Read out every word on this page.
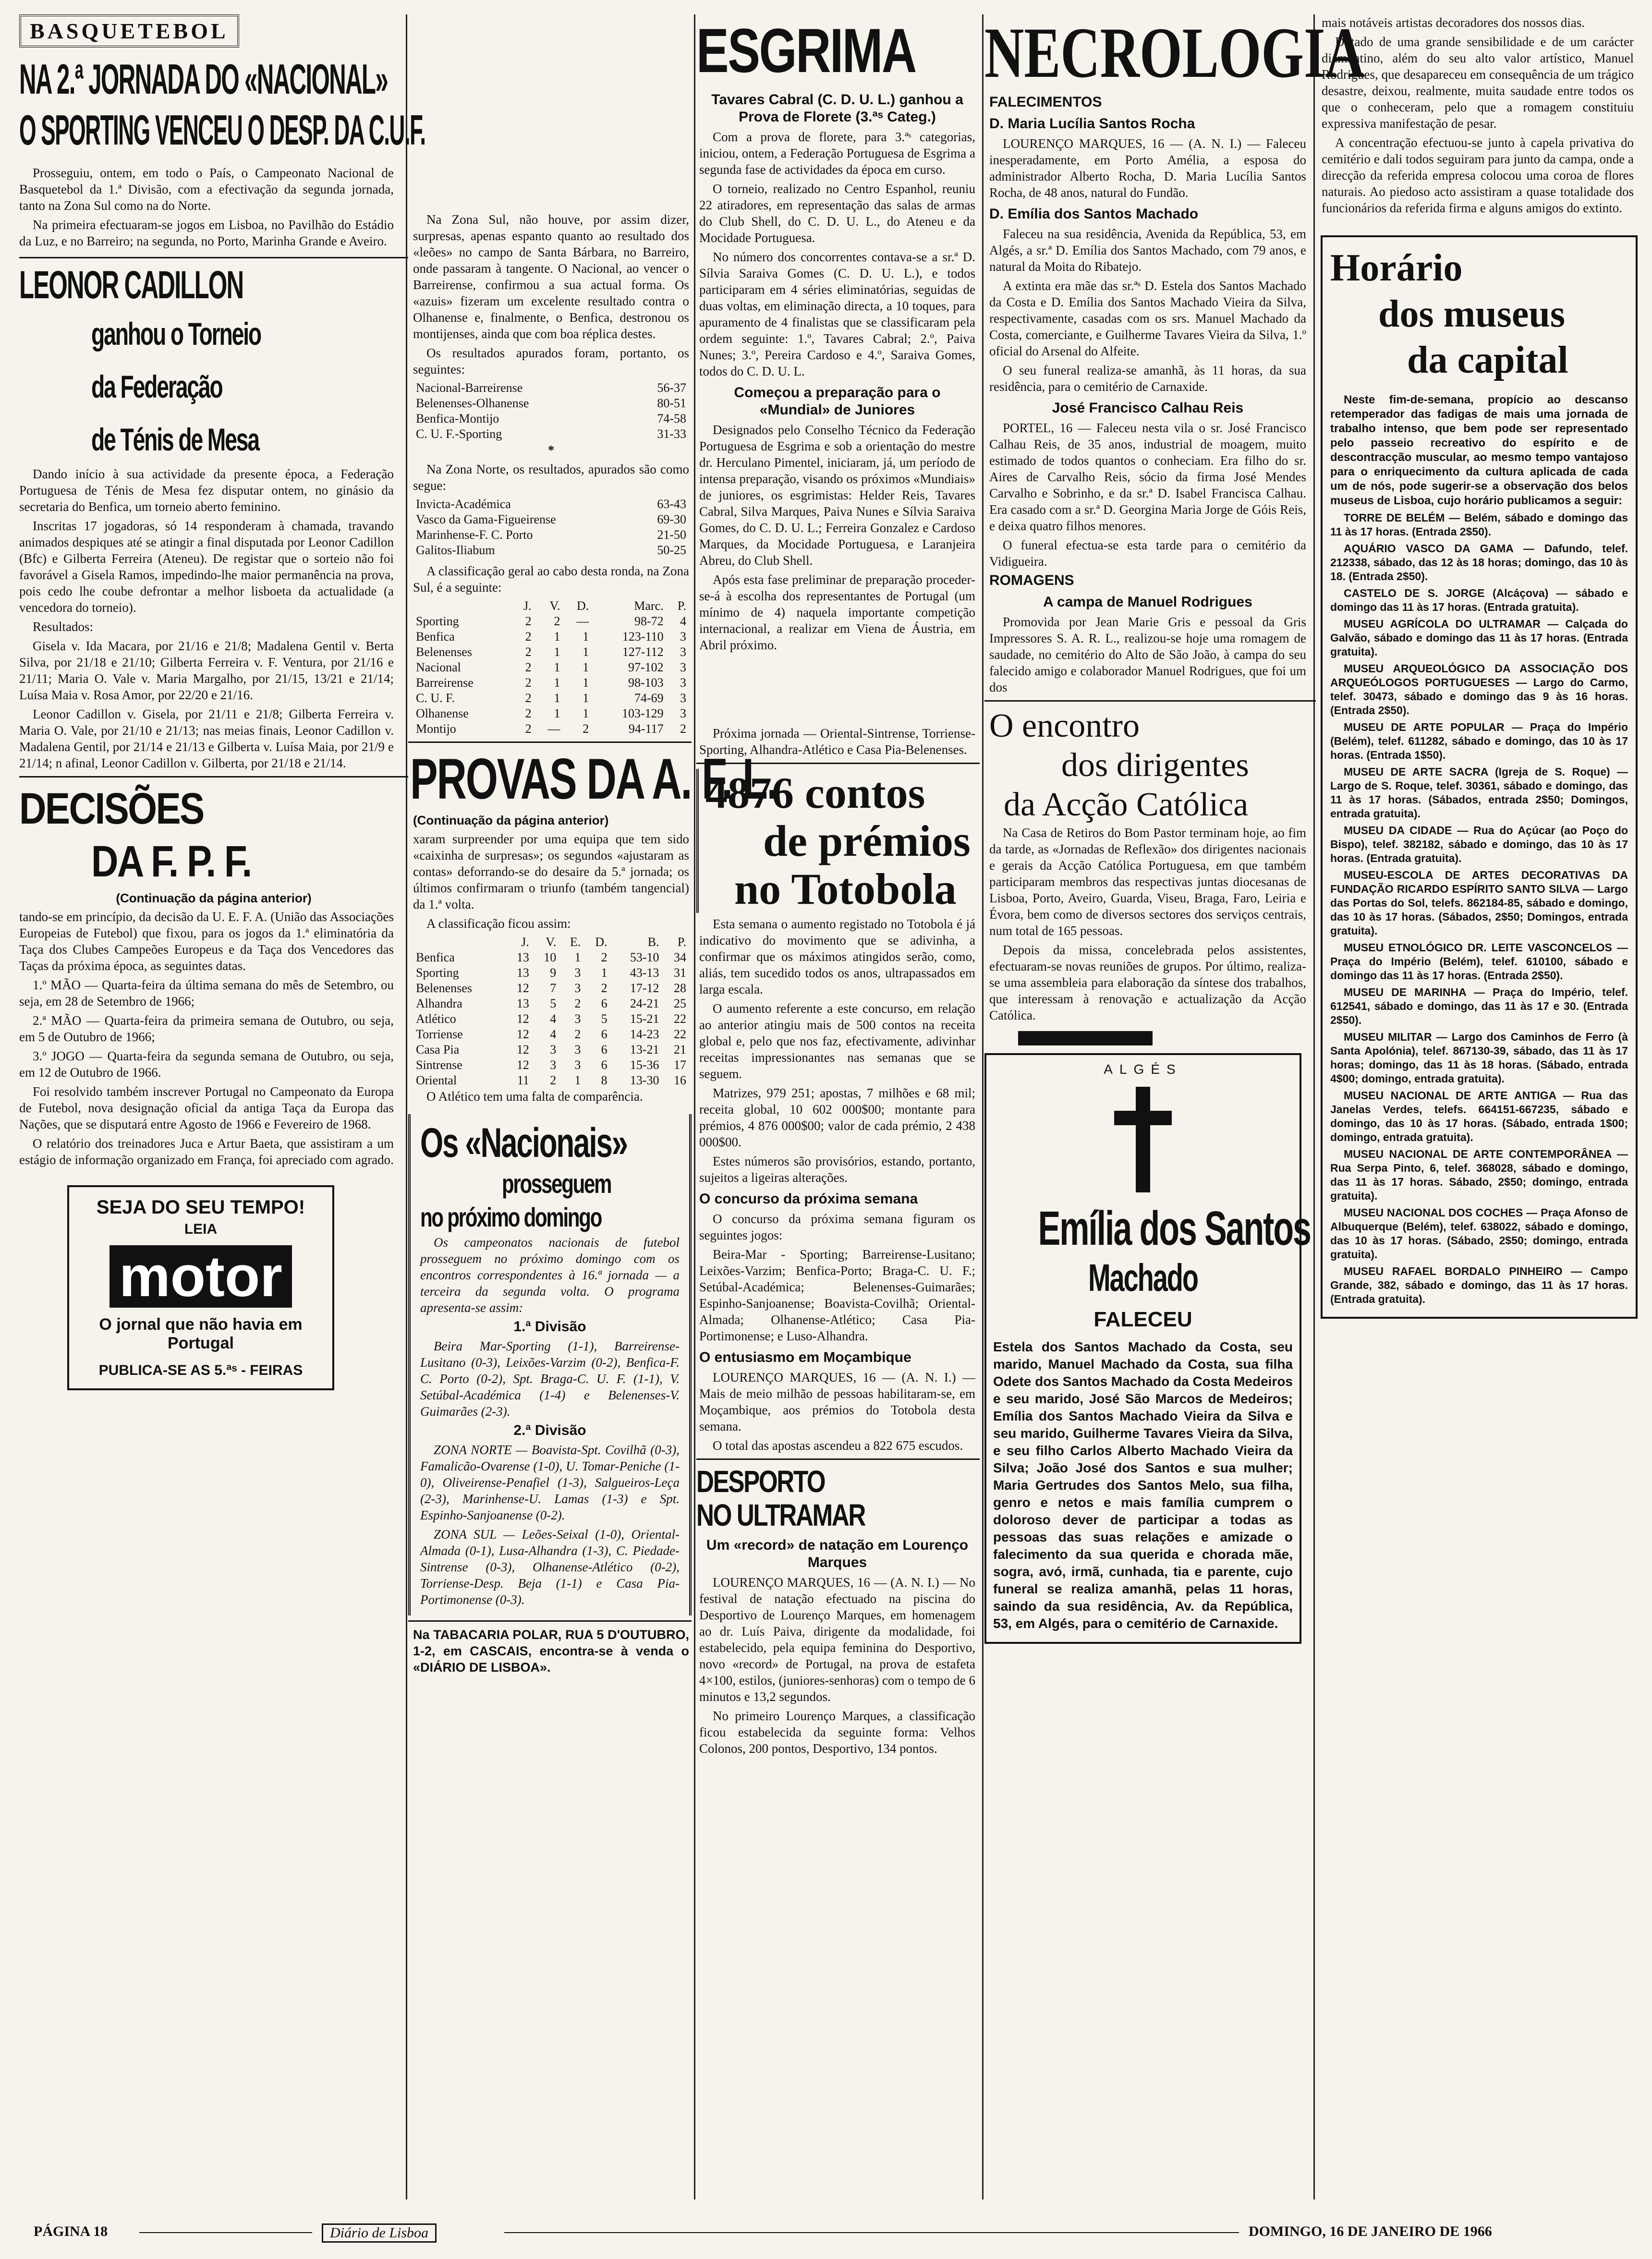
BASQUETEBOL
NA 2.ª JORNADA DO «NACIONAL»
O SPORTING VENCEU O DESP. DA C.U.F.

Prosseguiu, ontem, em todo o País, o Campeonato Nacional de Basquetebol da 1.ª Divisão, com a efectivação da segunda jornada, tanto na Zona Sul como na do Norte.

Na primeira efectuaram-se jogos em Lisboa, no Pavilhão do Estádio da Luz, e no Barreiro; na segunda, no Porto, Marinha Grande e Aveiro.

LEONOR CADILLON
ganhou o Torneio
da Federação
de Ténis de Mesa

Dando início à sua actividade da presente época, a Federação Portuguesa de Ténis de Mesa fez disputar ontem, no ginásio da secretaria do Benfica, um torneio aberto feminino.

Inscritas 17 jogadoras, só 14 responderam à chamada, travando animados despiques até se atingir a final disputada por Leonor Cadillon (Bfc) e Gilberta Ferreira (Ateneu). De registar que o sorteio não foi favorável a Gisela Ramos, impedindo-lhe maior permanência na prova, pois cedo lhe coube defrontar a melhor lisboeta da actualidade (a vencedora do torneio).

Resultados:

Gisela v. Ida Macara, por 21/16 e 21/8; Madalena Gentil v. Berta Silva, por 21/18 e 21/10; Gilberta Ferreira v. F. Ventura, por 21/16 e 21/11; Maria O. Vale v. Maria Margalho, por 21/15, 13/21 e 21/14; Luísa Maia v. Rosa Amor, por 22/20 e 21/16.

Leonor Cadillon v. Gisela, por 21/11 e 21/8; Gilberta Ferreira v. Maria O. Vale, por 21/10 e 21/13; nas meias finais, Leonor Cadillon v. Madalena Gentil, por 21/14 e 21/13 e Gilberta v. Luísa Maia, por 21/9 e 21/14; n afinal, Leonor Cadillon v. Gilberta, por 21/18 e 21/14.

DECISÕES
DA F. P. F.
(Continuação da página anterior)

tando-se em princípio, da decisão da U. E. F. A. (União das Associações Europeias de Futebol) que fixou, para os jogos da 1.ª eliminatória da Taça dos Clubes Campeões Europeus e da Taça dos Vencedores das Taças da próxima época, as seguintes datas.

1.º MÃO — Quarta-feira da última semana do mês de Setembro, ou seja, em 28 de Setembro de 1966;

2.ª MÃO — Quarta-feira da primeira semana de Outubro, ou seja, em 5 de Outubro de 1966;

3.º JOGO — Quarta-feira da segunda semana de Outubro, ou seja, em 12 de Outubro de 1966.

Foi resolvido também inscrever Portugal no Campeonato da Europa de Futebol, nova designação oficial da antiga Taça da Europa das Nações, que se disputará entre Agosto de 1966 e Fevereiro de 1968.

O relatório dos treinadores Juca e Artur Baeta, que assistiram a um estágio de informação organizado em França, foi apreciado com agrado.

SEJA DO SEU TEMPO!
LEIA
motor
O jornal que não havia em Portugal
PUBLICA-SE AS 5.ªˢ - FEIRAS

Na Zona Sul, não houve, por assim dizer, surpresas, apenas espanto quanto ao resultado dos «leões» no campo de Santa Bárbara, no Barreiro, onde passaram à tangente. O Nacional, ao vencer o Barreirense, confirmou a sua actual forma. Os «azuis» fizeram um excelente resultado contra o Olhanense e, finalmente, o Benfica, destronou os montijenses, ainda que com boa réplica destes.

Os resultados apurados foram, portanto, os seguintes:

Nacional-Barreirense	56-37
Belenenses-Olhanense	80-51
Benfica-Montijo	74-58
C. U. F.-Sporting	31-33

*

Na Zona Norte, os resultados, apurados são como segue:

Invicta-Académica	63-43
Vasco da Gama-Figueirense	69-30
Marinhense-F. C. Porto	21-50
Galitos-Iliabum	50-25

A classificação geral ao cabo desta ronda, na Zona Sul, é a seguinte:

	J.	V.	D.	Marc.	P.
Sporting	2	2	—	98-72	4
Benfica	2	1	1	123-110	3
Belenenses	2	1	1	127-112	3
Nacional	2	1	1	97-102	3
Barreirense	2	1	1	98-103	3
C. U. F.	2	1	1	74-69	3
Olhanense	2	1	1	103-129	3
Montijo	2	—	2	94-117	2
PROVAS DA A. F. L.
(Continuação da página anterior)

xaram surpreender por uma equipa que tem sido «caixinha de surpresas»; os segundos «ajustaram as contas» deforrando-se do desaire da 5.ª jornada; os últimos confirmaram o triunfo (também tangencial) da 1.ª volta.

A classificação ficou assim:

	J.	V.	E.	D.	B.	P.
Benfica	13	10	1	2	53-10	34
Sporting	13	9	3	1	43-13	31
Belenenses	12	7	3	2	17-12	28
Alhandra	13	5	2	6	24-21	25
Atlético	12	4	3	5	15-21	22
Torriense	12	4	2	6	14-23	22
Casa Pia	12	3	3	6	13-21	21
Sintrense	12	3	3	6	15-36	17
Oriental	11	2	1	8	13-30	16

O Atlético tem uma falta de comparência.

Os «Nacionais»
prosseguem
no próximo domingo

Os campeonatos nacionais de futebol prosseguem no próximo domingo com os encontros correspondentes à 16.ª jornada — a terceira da segunda volta. O programa apresenta-se assim:

1.ª Divisão

Beira Mar-Sporting (1-1), Barreirense-Lusitano (0-3), Leixões-Varzim (0-2), Benfica-F. C. Porto (0-2), Spt. Braga-C. U. F. (1-1), V. Setúbal-Académica (1-4) e Belenenses-V. Guimarães (2-3).

2.ª Divisão

ZONA NORTE — Boavista-Spt. Covilhã (0-3), Famalicão-Ovarense (1-0), U. Tomar-Peniche (1-0), Oliveirense-Penafiel (1-3), Salgueiros-Leça (2-3), Marinhense-U. Lamas (1-3) e Spt. Espinho-Sanjoanense (0-2).

ZONA SUL — Leões-Seixal (1-0), Oriental-Almada (0-1), Lusa-Alhandra (1-3), C. Piedade-Sintrense (0-3), Olhanense-Atlético (0-2), Torriense-Desp. Beja (1-1) e Casa Pia-Portimonense (0-3).

Na TABACARIA POLAR, RUA 5 D'OUTUBRO, 1-2, em CASCAIS, encontra-se à venda o «DIÁRIO DE LISBOA».

ESGRIMA
Tavares Cabral (C. D. U. L.) ganhou a Prova de Florete (3.ªˢ Categ.)

Com a prova de florete, para 3.ªˢ categorias, iniciou, ontem, a Federação Portuguesa de Esgrima a segunda fase de actividades da época em curso.

O torneio, realizado no Centro Espanhol, reuniu 22 atiradores, em representação das salas de armas do Club Shell, do C. D. U. L., do Ateneu e da Mocidade Portuguesa.

No número dos concorrentes contava-se a sr.ª D. Sílvia Saraiva Gomes (C. D. U. L.), e todos participaram em 4 séries eliminatórias, seguidas de duas voltas, em eliminação directa, a 10 toques, para apuramento de 4 finalistas que se classificaram pela ordem seguinte: 1.º, Tavares Cabral; 2.º, Paiva Nunes; 3.º, Pereira Cardoso e 4.º, Saraiva Gomes, todos do C. D. U. L.

Começou a preparação para o «Mundial» de Juniores

Designados pelo Conselho Técnico da Federação Portuguesa de Esgrima e sob a orientação do mestre dr. Herculano Pimentel, iniciaram, já, um período de intensa preparação, visando os próximos «Mundiais» de juniores, os esgrimistas: Helder Reis, Tavares Cabral, Silva Marques, Paiva Nunes e Sílvia Saraiva Gomes, do C. D. U. L.; Ferreira Gonzalez e Cardoso Marques, da Mocidade Portuguesa, e Laranjeira Abreu, do Club Shell.

Após esta fase preliminar de preparação proceder-se-á à escolha dos representantes de Portugal (um mínimo de 4) naquela importante competição internacional, a realizar em Viena de Áustria, em Abril próximo.

Próxima jornada — Oriental-Sintrense, Torriense-Sporting, Alhandra-Atlético e Casa Pia-Belenenses.

4876 contos
de prémios
no Totobola

Esta semana o aumento registado no Totobola é já indicativo do movimento que se adivinha, a confirmar que os máximos atingidos serão, como, aliás, tem sucedido todos os anos, ultrapassados em larga escala.

O aumento referente a este concurso, em relação ao anterior atingiu mais de 500 contos na receita global e, pelo que nos faz, efectivamente, adivinhar receitas impressionantes nas semanas que se seguem.

Matrizes, 979 251; apostas, 7 milhões e 68 mil; receita global, 10 602 000$00; montante para prémios, 4 876 000$00; valor de cada prémio, 2 438 000$00.

Estes números são provisórios, estando, portanto, sujeitos a ligeiras alterações.

O concurso da próxima semana

O concurso da próxima semana figuram os seguintes jogos:

Beira-Mar - Sporting; Barreirense-Lusitano; Leixões-Varzim; Benfica-Porto; Braga-C. U. F.; Setúbal-Académica; Belenenses-Guimarães; Espinho-Sanjoanense; Boavista-Covilhã; Oriental-Almada; Olhanense-Atlético; Casa Pia-Portimonense; e Luso-Alhandra.

O entusiasmo em Moçambique

LOURENÇO MARQUES, 16 — (A. N. I.) — Mais de meio milhão de pessoas habilitaram-se, em Moçambique, aos prémios do Totobola desta semana.

O total das apostas ascendeu a 822 675 escudos.

DESPORTO
NO ULTRAMAR
Um «record» de natação em Lourenço Marques

LOURENÇO MARQUES, 16 — (A. N. I.) — No festival de natação efectuado na piscina do Desportivo de Lourenço Marques, em homenagem ao dr. Luís Paiva, dirigente da modalidade, foi estabelecido, pela equipa feminina do Desportivo, novo «record» de Portugal, na prova de estafeta 4×100, estilos, (juniores-senhoras) com o tempo de 6 minutos e 13,2 segundos.

No primeiro Lourenço Marques, a classificação ficou estabelecida da seguinte forma: Velhos Colonos, 200 pontos, Desportivo, 134 pontos.

NECROLOGIA
FALECIMENTOS
D. Maria Lucília Santos Rocha

LOURENÇO MARQUES, 16 — (A. N. I.) — Faleceu inesperadamente, em Porto Amélia, a esposa do administrador Alberto Rocha, D. Maria Lucília Santos Rocha, de 48 anos, natural do Fundão.

D. Emília dos Santos Machado

Faleceu na sua residência, Avenida da República, 53, em Algés, a sr.ª D. Emília dos Santos Machado, com 79 anos, e natural da Moita do Ribatejo.

A extinta era mãe das sr.ªˢ D. Estela dos Santos Machado da Costa e D. Emília dos Santos Machado Vieira da Silva, respectivamente, casadas com os srs. Manuel Machado da Costa, comerciante, e Guilherme Tavares Vieira da Silva, 1.º oficial do Arsenal do Alfeite.

O seu funeral realiza-se amanhã, às 11 horas, da sua residência, para o cemitério de Carnaxide.

José Francisco Calhau Reis

PORTEL, 16 — Faleceu nesta vila o sr. José Francisco Calhau Reis, de 35 anos, industrial de moagem, muito estimado de todos quantos o conheciam. Era filho do sr. Aires de Carvalho Reis, sócio da firma José Mendes Carvalho e Sobrinho, e da sr.ª D. Isabel Francisca Calhau. Era casado com a sr.ª D. Georgina Maria Jorge de Góis Reis, e deixa quatro filhos menores.

O funeral efectua-se esta tarde para o cemitério da Vidigueira.

ROMAGENS
A campa de Manuel Rodrigues

Promovida por Jean Marie Gris e pessoal da Gris Impressores S. A. R. L., realizou-se hoje uma romagem de saudade, no cemitério do Alto de São João, à campa do seu falecido amigo e colaborador Manuel Rodrigues, que foi um dos

O encontro
dos dirigentes
da Acção Católica

Na Casa de Retiros do Bom Pastor terminam hoje, ao fim da tarde, as «Jornadas de Reflexão» dos dirigentes nacionais e gerais da Acção Católica Portuguesa, em que também participaram membros das respectivas juntas diocesanas de Lisboa, Porto, Aveiro, Guarda, Viseu, Braga, Faro, Leiria e Évora, bem como de diversos sectores dos serviços centrais, num total de 165 pessoas.

Depois da missa, concelebrada pelos assistentes, efectuaram-se novas reuniões de grupos. Por último, realiza-se uma assembleia para elaboração da síntese dos trabalhos, que interessam à renovação e actualização da Acção Católica.

ALGÉS
Emília dos Santos
Machado
FALECEU

Estela dos Santos Machado da Costa, seu marido, Manuel Machado da Costa, sua filha Odete dos Santos Machado da Costa Medeiros e seu marido, José São Marcos de Medeiros; Emília dos Santos Machado Vieira da Silva e seu marido, Guilherme Tavares Vieira da Silva, e seu filho Carlos Alberto Machado Vieira da Silva; João José dos Santos e sua mulher; Maria Gertrudes dos Santos Melo, sua filha, genro e netos e mais família cumprem o doloroso dever de participar a todas as pessoas das suas relações e amizade o falecimento da sua querida e chorada mãe, sogra, avó, irmã, cunhada, tia e parente, cujo funeral se realiza amanhã, pelas 11 horas, saindo da sua residência, Av. da República, 53, em Algés, para o cemitério de Carnaxide.

mais notáveis artistas decoradores dos nossos dias.

Dotado de uma grande sensibilidade e de um carácter diamantino, além do seu alto valor artístico, Manuel Rodrigues, que desapareceu em consequência de um trágico desastre, deixou, realmente, muita saudade entre todos os que o conheceram, pelo que a romagem constituiu expressiva manifestação de pesar.

A concentração efectuou-se junto à capela privativa do cemitério e dali todos seguiram para junto da campa, onde a direcção da referida empresa colocou uma coroa de flores naturais. Ao piedoso acto assistiram a quase totalidade dos funcionários da referida firma e alguns amigos do extinto.

Horário
dos museus
da capital

Neste fim-de-semana, propício ao descanso retemperador das fadigas de mais uma jornada de trabalho intenso, que bem pode ser representado pelo passeio recreativo do espírito e de descontracção muscular, ao mesmo tempo vantajoso para o enriquecimento da cultura aplicada de cada um de nós, pode sugerir-se a observação dos belos museus de Lisboa, cujo horário publicamos a seguir:

TORRE DE BELÉM — Belém, sábado e domingo das 11 às 17 horas. (Entrada 2$50).

AQUÁRIO VASCO DA GAMA — Dafundo, telef. 212338, sábado, das 12 às 18 horas; domingo, das 10 às 18. (Entrada 2$50).

CASTELO DE S. JORGE (Alcáçova) — sábado e domingo das 11 às 17 horas. (Entrada gratuita).

MUSEU AGRÍCOLA DO ULTRAMAR — Calçada do Galvão, sábado e domingo das 11 às 17 horas. (Entrada gratuita).

MUSEU ARQUEOLÓGICO DA ASSOCIAÇÃO DOS ARQUEÓLOGOS PORTUGUESES — Largo do Carmo, telef. 30473, sábado e domingo das 9 às 16 horas. (Entrada 2$50).

MUSEU DE ARTE POPULAR — Praça do Império (Belém), telef. 611282, sábado e domingo, das 10 às 17 horas. (Entrada 1$50).

MUSEU DE ARTE SACRA (Igreja de S. Roque) — Largo de S. Roque, telef. 30361, sábado e domingo, das 11 às 17 horas. (Sábados, entrada 2$50; Domingos, entrada gratuita).

MUSEU DA CIDADE — Rua do Açúcar (ao Poço do Bispo), telef. 382182, sábado e domingo, das 10 às 17 horas. (Entrada gratuita).

MUSEU-ESCOLA DE ARTES DECORATIVAS DA FUNDAÇÃO RICARDO ESPÍRITO SANTO SILVA — Largo das Portas do Sol, telefs. 862184-85, sábado e domingo, das 10 às 17 horas. (Sábados, 2$50; Domingos, entrada gratuita).

MUSEU ETNOLÓGICO DR. LEITE VASCONCELOS — Praça do Império (Belém), telef. 610100, sábado e domingo das 11 às 17 horas. (Entrada 2$50).

MUSEU DE MARINHA — Praça do Império, telef. 612541, sábado e domingo, das 11 às 17 e 30. (Entrada 2$50).

MUSEU MILITAR — Largo dos Caminhos de Ferro (à Santa Apolónia), telef. 867130-39, sábado, das 11 às 17 horas; domingo, das 11 às 18 horas. (Sábado, entrada 4$00; domingo, entrada gratuita).

MUSEU NACIONAL DE ARTE ANTIGA — Rua das Janelas Verdes, telefs. 664151-667235, sábado e domingo, das 10 às 17 horas. (Sábado, entrada 1$00; domingo, entrada gratuita).

MUSEU NACIONAL DE ARTE CONTEMPORÂNEA — Rua Serpa Pinto, 6, telef. 368028, sábado e domingo, das 11 às 17 horas. Sábado, 2$50; domingo, entrada gratuita).

MUSEU NACIONAL DOS COCHES — Praça Afonso de Albuquerque (Belém), telef. 638022, sábado e domingo, das 10 às 17 horas. (Sábado, 2$50; domingo, entrada gratuita).

MUSEU RAFAEL BORDALO PINHEIRO — Campo Grande, 382, sábado e domingo, das 11 às 17 horas. (Entrada gratuita).

PÁGINA 18	Diário de Lisboa	DOMINGO, 16 DE JANEIRO DE 1966
